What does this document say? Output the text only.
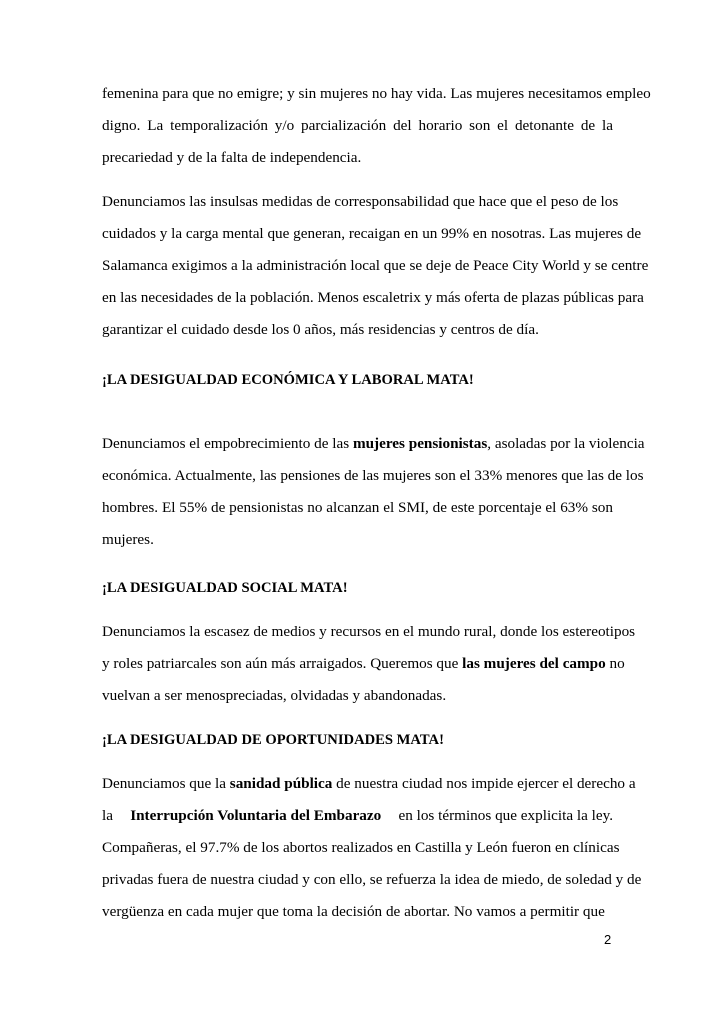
femenina para que no emigre; y sin mujeres no hay vida. Las mujeres necesitamos empleo
digno. La temporalización y/o parcialización del horario son el detonante de la
precariedad y de la falta de independencia.
Denunciamos las insulsas medidas de corresponsabilidad que hace que el peso de los
cuidados y la carga mental que generan, recaigan en un 99% en nosotras. Las mujeres de
Salamanca exigimos a la administración local que se deje de Peace City World y se centre
en las necesidades de la población. Menos escaletrix y más oferta de plazas públicas para
garantizar el cuidado desde los 0 años, más residencias y centros de día.
¡LA DESIGUALDAD ECONÓMICA Y LABORAL MATA!
Denunciamos el empobrecimiento de las mujeres pensionistas, asoladas por la violencia
económica. Actualmente, las pensiones de las mujeres son el 33% menores que las de los
hombres. El 55% de pensionistas no alcanzan el SMI, de este porcentaje el 63% son
mujeres.
¡LA DESIGUALDAD SOCIAL MATA!
Denunciamos la escasez de medios y recursos en el mundo rural, donde los estereotipos
y roles patriarcales son aún más arraigados. Queremos que las mujeres del campo no
vuelvan a ser menospreciadas, olvidadas y abandonadas.
¡LA DESIGUALDAD DE OPORTUNIDADES MATA!
Denunciamos que la sanidad pública de nuestra ciudad nos impide ejercer el derecho a
la Interrupción Voluntaria del Embarazo en los términos que explicita la ley.
Compañeras, el 97.7% de los abortos realizados en Castilla y León fueron en clínicas
privadas fuera de nuestra ciudad y con ello, se refuerza la idea de miedo, de soledad y de
vergüenza en cada mujer que toma la decisión de abortar. No vamos a permitir que
2
